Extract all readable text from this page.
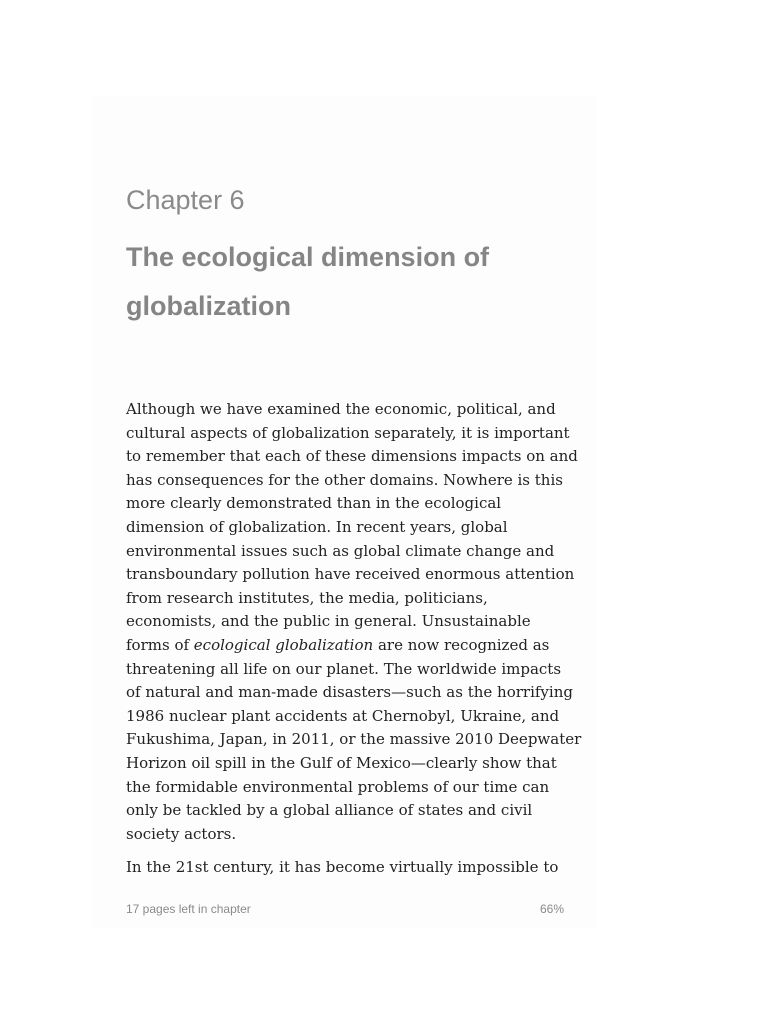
Chapter 6
The ecological dimension of globalization
Although we have examined the economic, political, and
cultural aspects of globalization separately, it is important
to remember that each of these dimensions impacts on and
has consequences for the other domains. Nowhere is this
more clearly demonstrated than in the ecological
dimension of globalization. In recent years, global
environmental issues such as global climate change and
transboundary pollution have received enormous attention
from research institutes, the media, politicians,
economists, and the public in general. Unsustainable
forms of ecological globalization are now recognized as
threatening all life on our planet. The worldwide impacts
of natural and man-made disasters—such as the horrifying
1986 nuclear plant accidents at Chernobyl, Ukraine, and
Fukushima, Japan, in 2011, or the massive 2010 Deepwater
Horizon oil spill in the Gulf of Mexico—clearly show that
the formidable environmental problems of our time can
only be tackled by a global alliance of states and civil
society actors.
In the 21st century, it has become virtually impossible to
17 pages left in chapter	66%
